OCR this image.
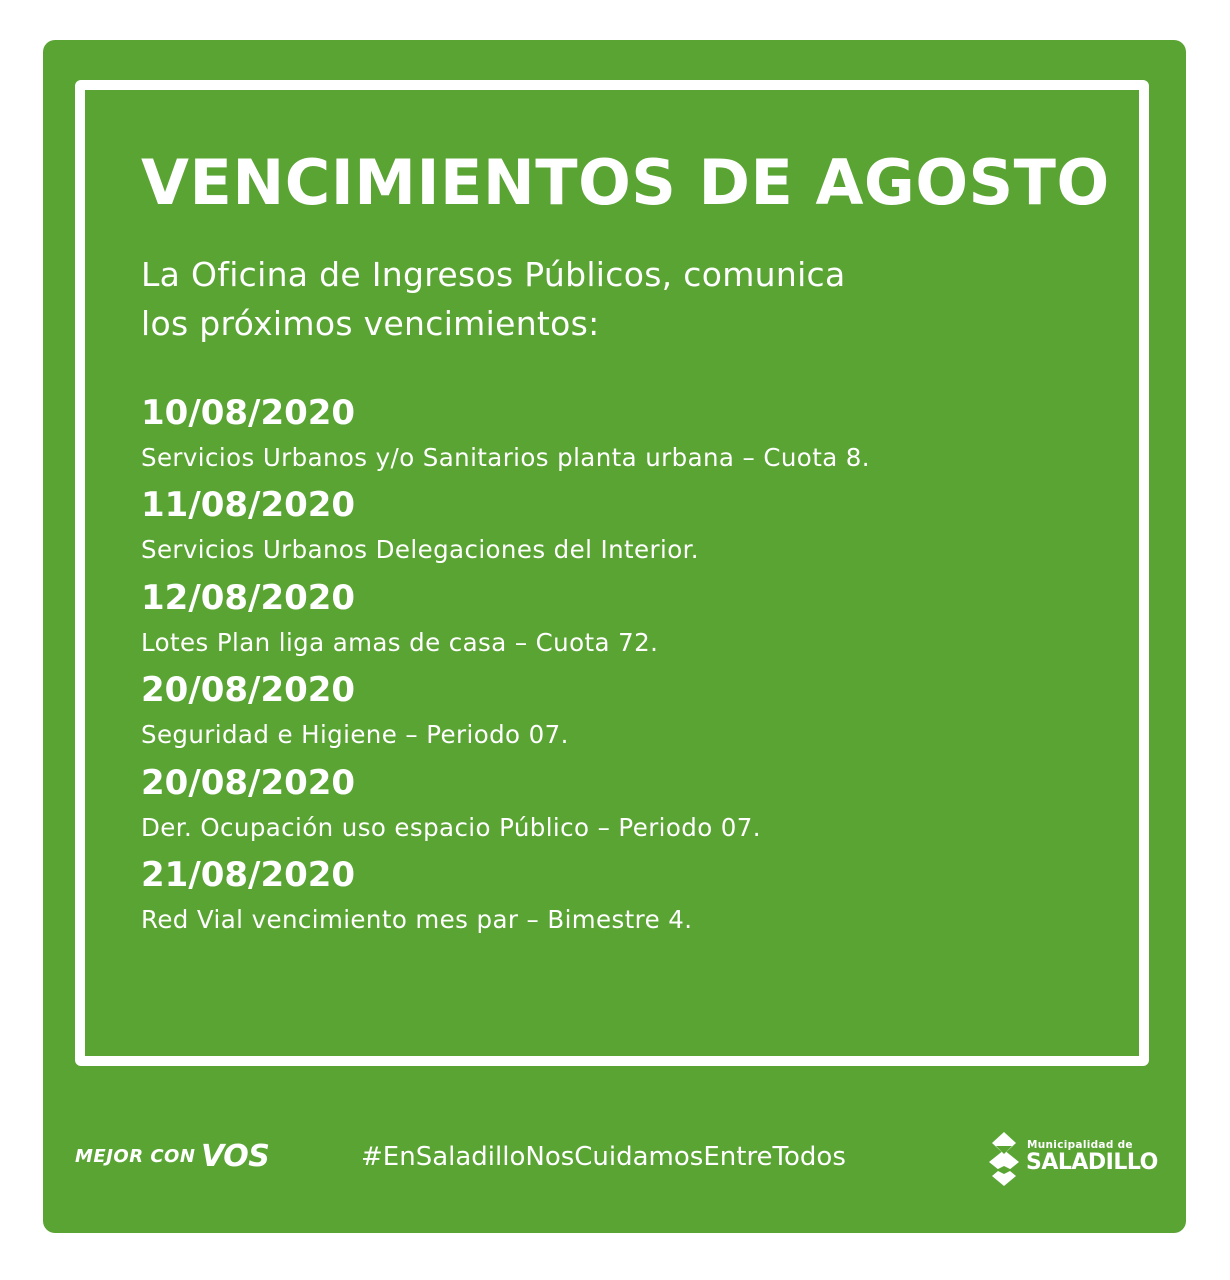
VENCIMIENTOS DE AGOSTO
La Oficina de Ingresos Públicos, comunica
los próximos vencimientos:
10/08/2020
Servicios Urbanos y/o Sanitarios planta urbana – Cuota 8.
11/08/2020
Servicios Urbanos Delegaciones del Interior.
12/08/2020
Lotes Plan liga amas de casa – Cuota 72.
20/08/2020
Seguridad e Higiene – Periodo 07.
20/08/2020
Der. Ocupación uso espacio Público – Periodo 07.
21/08/2020
Red Vial vencimiento mes par – Bimestre 4.
MEJOR CON VOS	#EnSaladilloNosCuidamosEntreTodos	Municipalidad de
SALADILLO
